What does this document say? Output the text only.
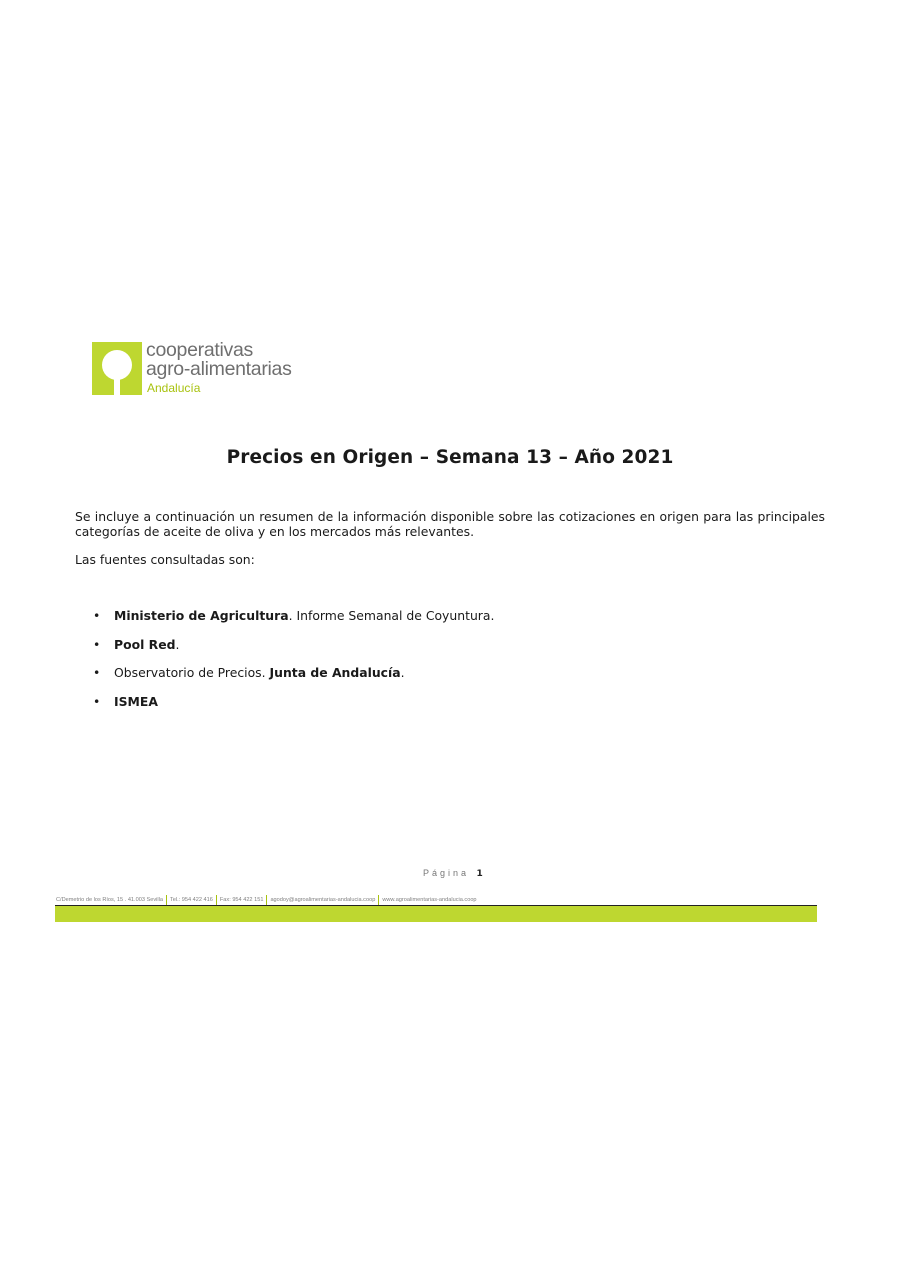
cooperativas
agro-alimentarias
Andalucía
Precios en Origen – Semana 13 – Año 2021

Se incluye a continuación un resumen de la información disponible sobre las cotizaciones en origen para las principales categorías de aceite de oliva y en los mercados más relevantes.

Las fuentes consultadas son:
• Ministerio de Agricultura. Informe Semanal de Coyuntura.
• Pool Red.
• Observatorio de Precios. Junta de Andalucía.
• ISMEA
Página 1
C/Demetrio de los Ríos, 15 . 41.003 Sevilla Tel.: 954 422 416 Fax: 954 422 151 agodoy@agroalimentarias-andalucia.coop www.agroalimentarias-andalucia.coop
